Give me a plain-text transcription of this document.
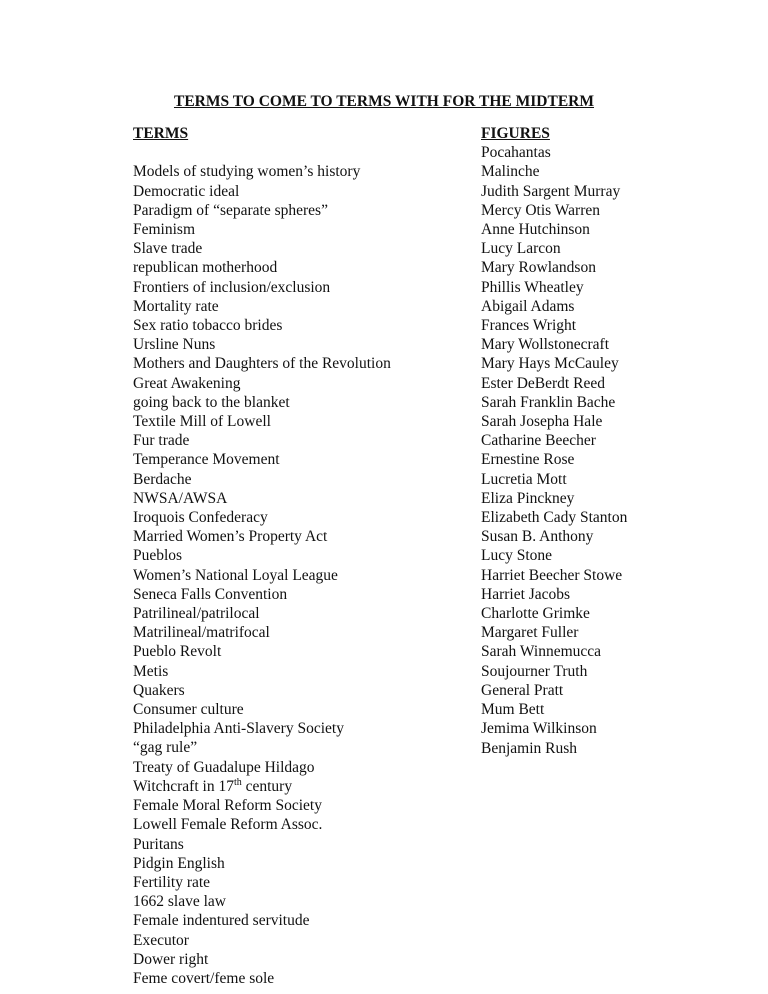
TERMS TO COME TO TERMS WITH FOR THE MIDTERM
TERMS
Models of studying women’s history
Democratic ideal
Paradigm of “separate spheres”
Feminism
Slave trade
republican motherhood
Frontiers of inclusion/exclusion
Mortality rate
Sex ratio tobacco brides
Ursline Nuns
Mothers and Daughters of the Revolution
Great Awakening
going back to the blanket
Textile Mill of Lowell
Fur trade
Temperance Movement
Berdache
NWSA/AWSA
Iroquois Confederacy
Married Women’s Property Act
Pueblos
Women’s National Loyal League
Seneca Falls Convention
Patrilineal/patrilocal
Matrilineal/matrifocal
Pueblo Revolt
Metis
Quakers
Consumer culture
Philadelphia Anti-Slavery Society
“gag rule”
Treaty of Guadalupe Hildago
Witchcraft in 17th century
Female Moral Reform Society
Lowell Female Reform Assoc.
Puritans
Pidgin English
Fertility rate
1662 slave law
Female indentured servitude
Executor
Dower right
Feme covert/feme sole
FIGURES
Pocahantas
Malinche
Judith Sargent Murray
Mercy Otis Warren
Anne Hutchinson
Lucy Larcon
Mary Rowlandson
Phillis Wheatley
Abigail Adams
Frances Wright
Mary Wollstonecraft
Mary Hays McCauley
Ester DeBerdt Reed
Sarah Franklin Bache
Sarah Josepha Hale
Catharine Beecher
Ernestine Rose
Lucretia Mott
Eliza Pinckney
Elizabeth Cady Stanton
Susan B. Anthony
Lucy Stone
Harriet Beecher Stowe
Harriet Jacobs
Charlotte Grimke
Margaret Fuller
Sarah Winnemucca
Soujourner Truth
General Pratt
Mum Bett
Jemima Wilkinson
Benjamin Rush
